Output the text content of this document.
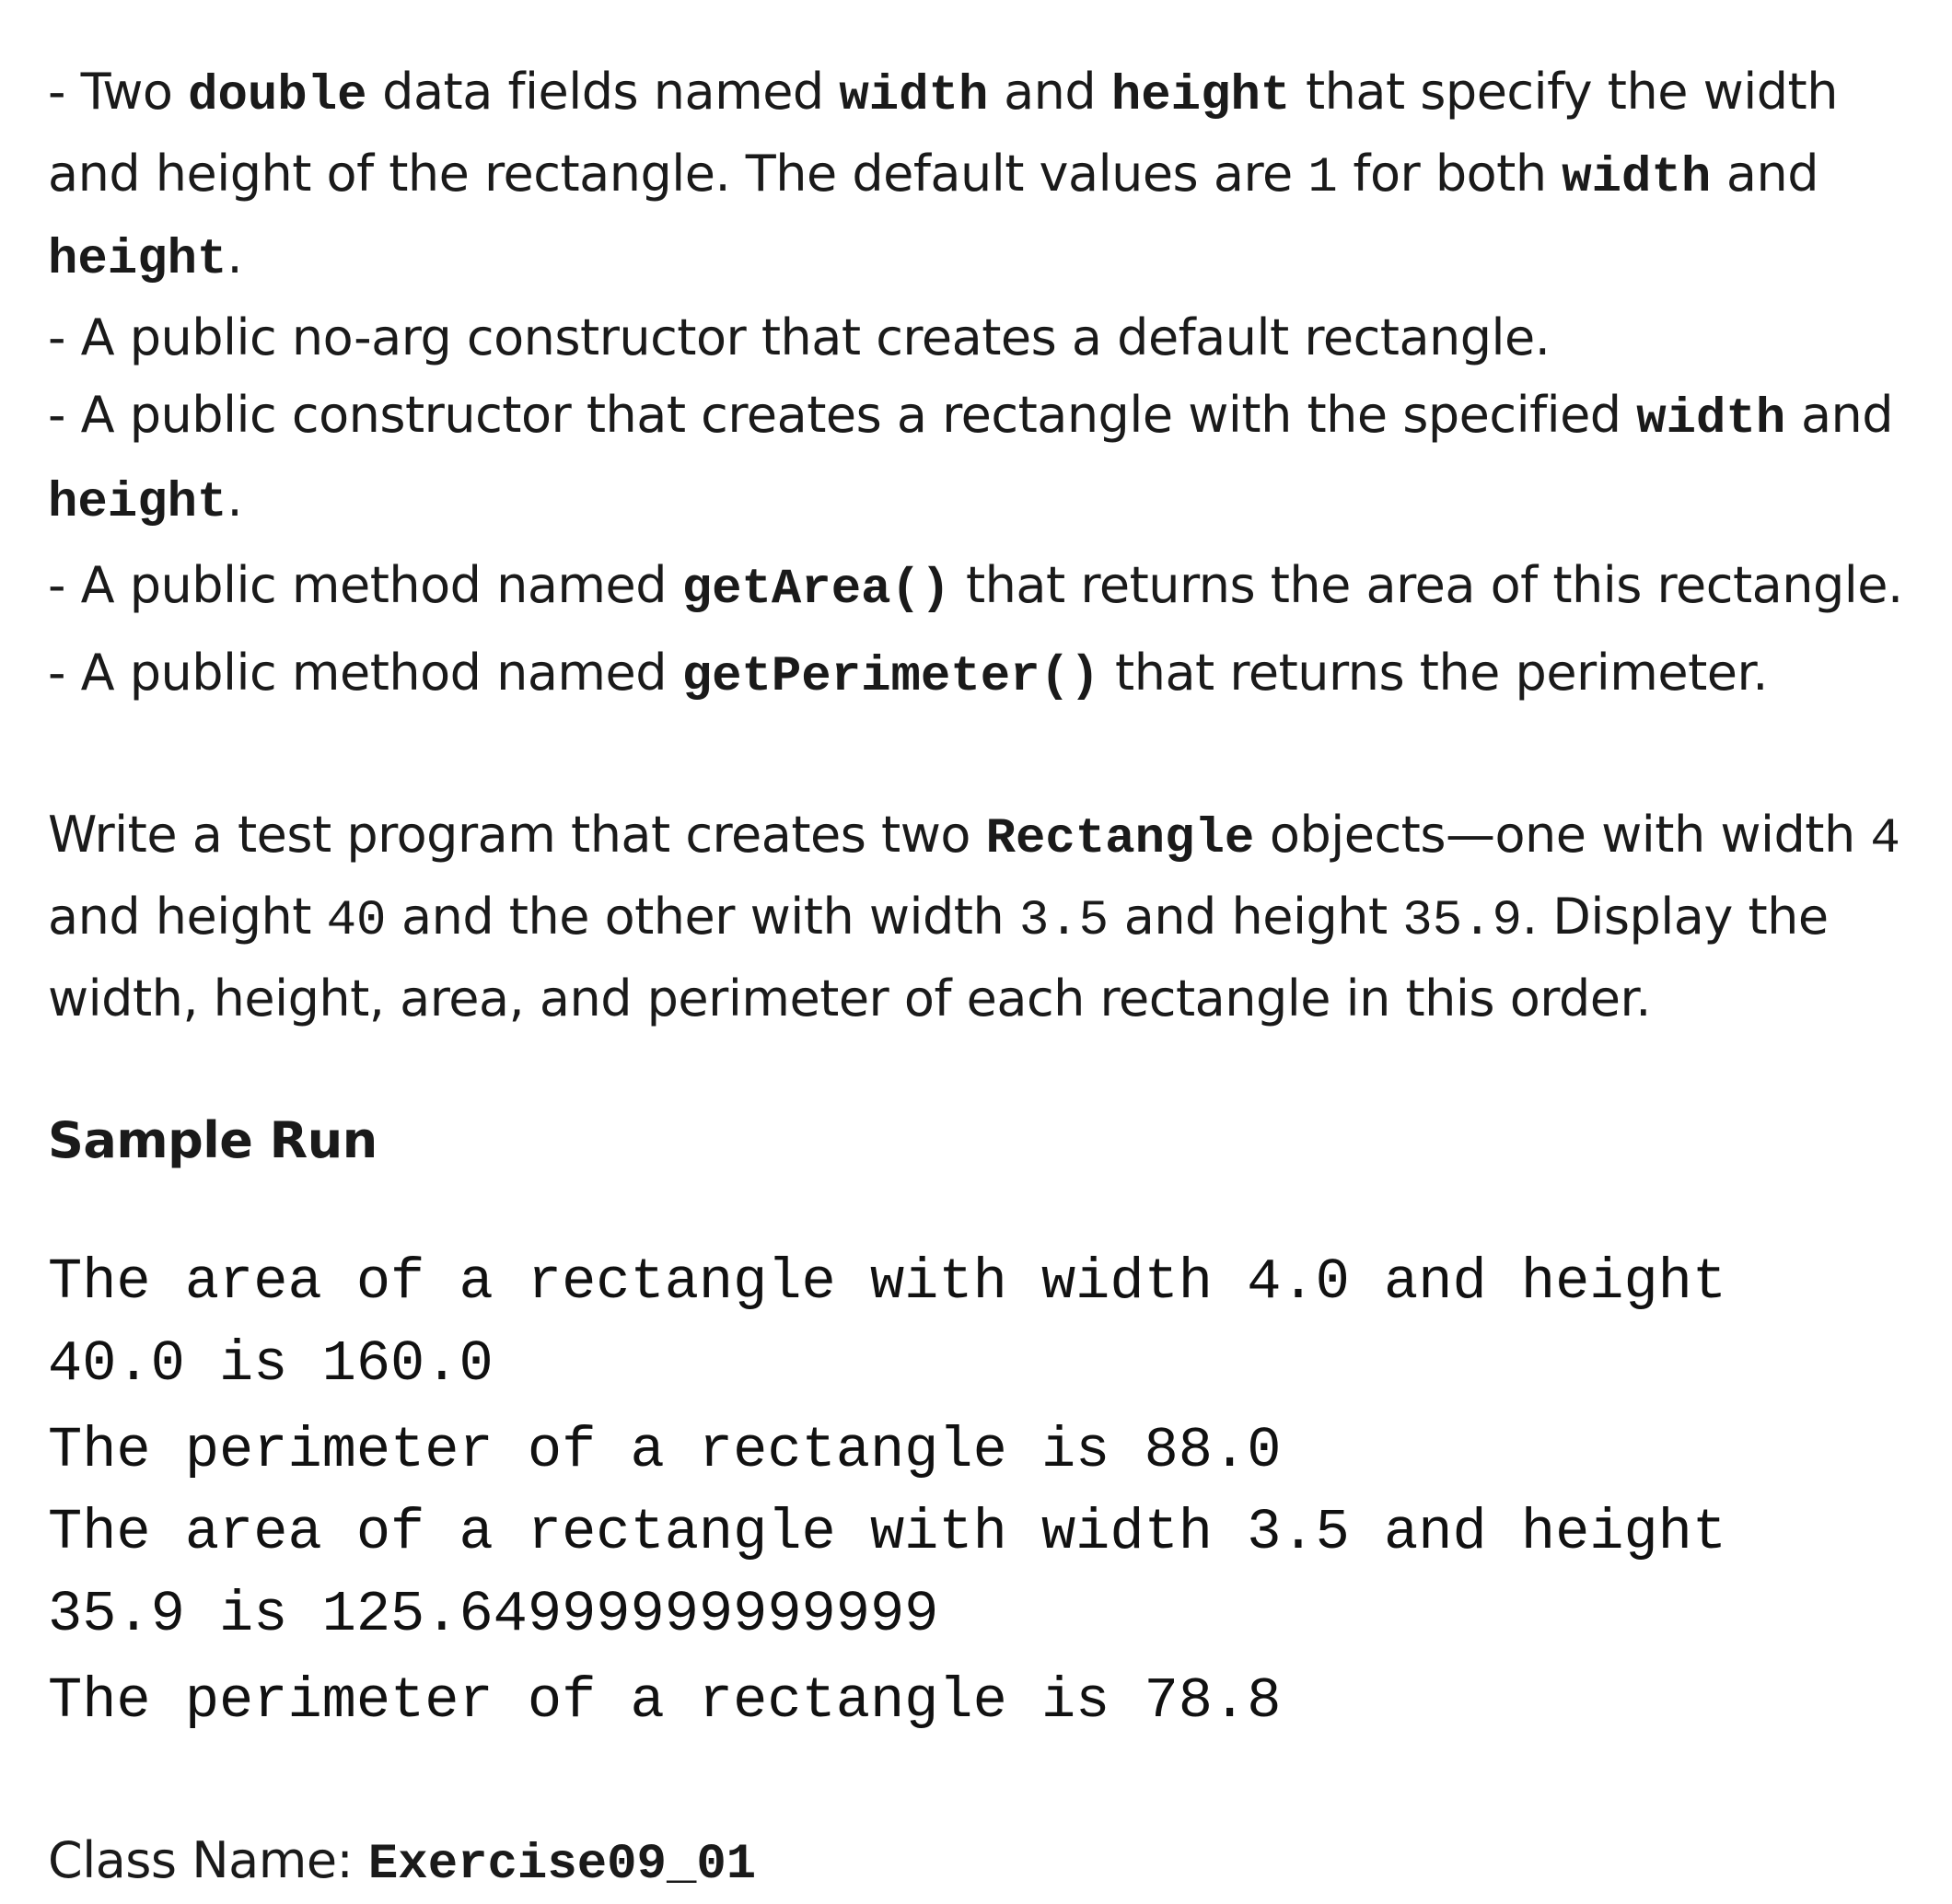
- Two double data fields named width and height that specify the width
and height of the rectangle. The default values are 1 for both width and
height.
- A public no-arg constructor that creates a default rectangle.
- A public constructor that creates a rectangle with the specified width and
height.
- A public method named getArea() that returns the area of this rectangle.
- A public method named getPerimeter() that returns the perimeter.
Write a test program that creates two Rectangle objects—one with width 4
and height 40 and the other with width 3.5 and height 35.9. Display the
width, height, area, and perimeter of each rectangle in this order.
Sample Run
The area of a rectangle with width 4.0 and height
40.0 is 160.0
The perimeter of a rectangle is 88.0
The area of a rectangle with width 3.5 and height
35.9 is 125.64999999999999
The perimeter of a rectangle is 78.8
Class Name: Exercise09_01
